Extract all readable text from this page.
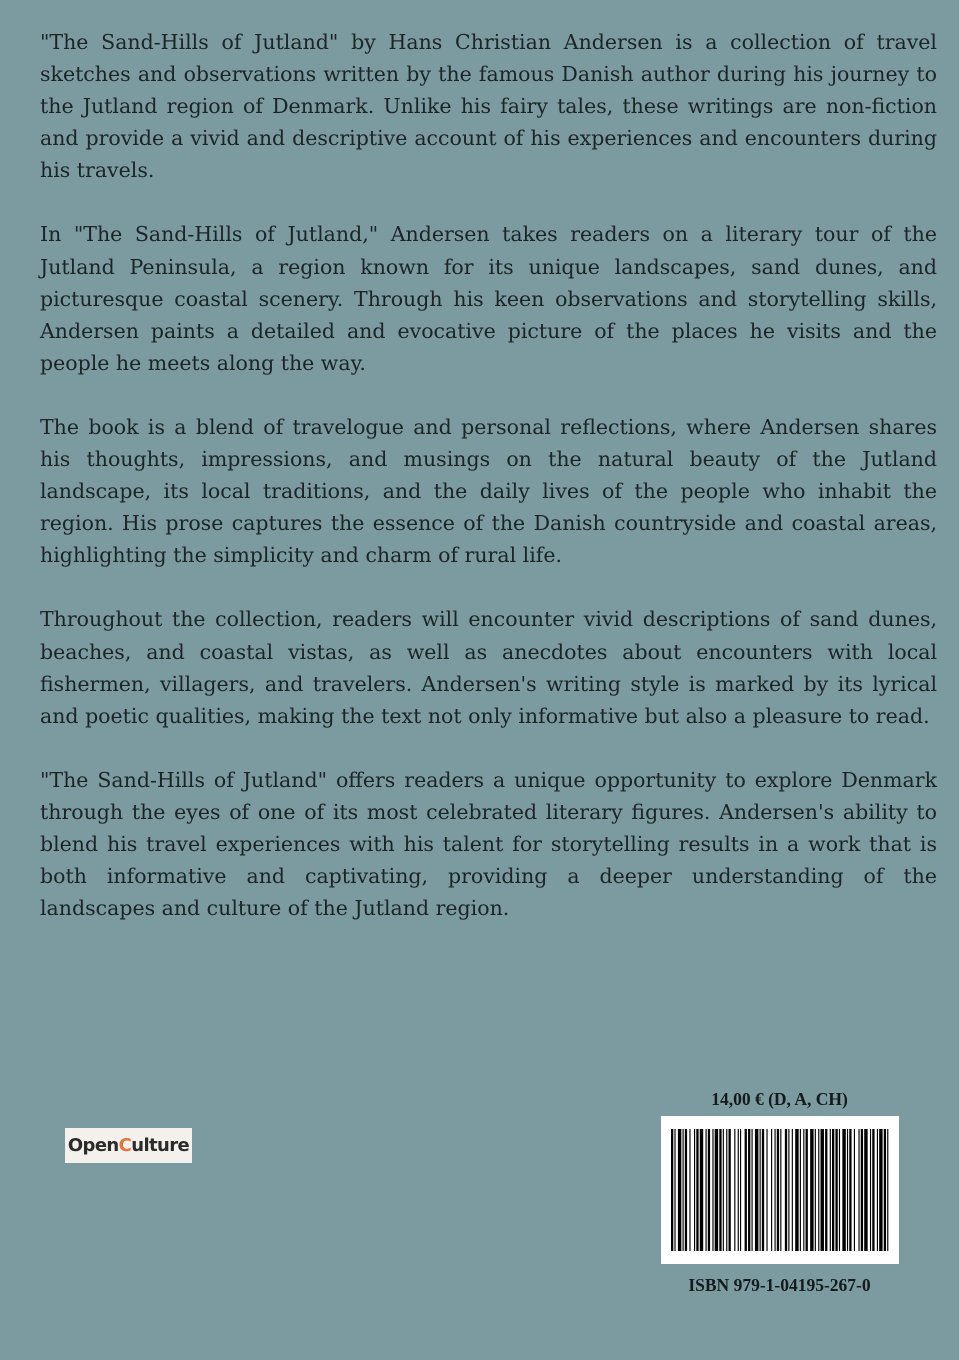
"The Sand-Hills of Jutland" by Hans Christian Andersen is a collection of travel sketches and observations written by the famous Danish author during his journey to the Jutland region of Denmark. Unlike his fairy tales, these writings are non-fiction and provide a vivid and descriptive account of his experiences and encounters during his travels.

In "The Sand-Hills of Jutland," Andersen takes readers on a literary tour of the Jutland Peninsula, a region known for its unique landscapes, sand dunes, and picturesque coastal scenery. Through his keen observations and storytelling skills, Andersen paints a detailed and evocative picture of the places he visits and the people he meets along the way.

The book is a blend of travelogue and personal reflections, where Andersen shares his thoughts, impressions, and musings on the natural beauty of the Jutland landscape, its local traditions, and the daily lives of the people who inhabit the region. His prose captures the essence of the Danish countryside and coastal areas, highlighting the simplicity and charm of rural life.

Throughout the collection, readers will encounter vivid descriptions of sand dunes, beaches, and coastal vistas, as well as anecdotes about encounters with local fishermen, villagers, and travelers. Andersen's writing style is marked by its lyrical and poetic qualities, making the text not only informative but also a pleasure to read.

"The Sand-Hills of Jutland" offers readers a unique opportunity to explore Denmark through the eyes of one of its most celebrated literary figures. Andersen's ability to blend his travel experiences with his talent for storytelling results in a work that is both informative and captivating, providing a deeper understanding of the landscapes and culture of the Jutland region.

Open C ulture
14,00 € (D, A, CH)
ISBN 979-1-04195-267-0
